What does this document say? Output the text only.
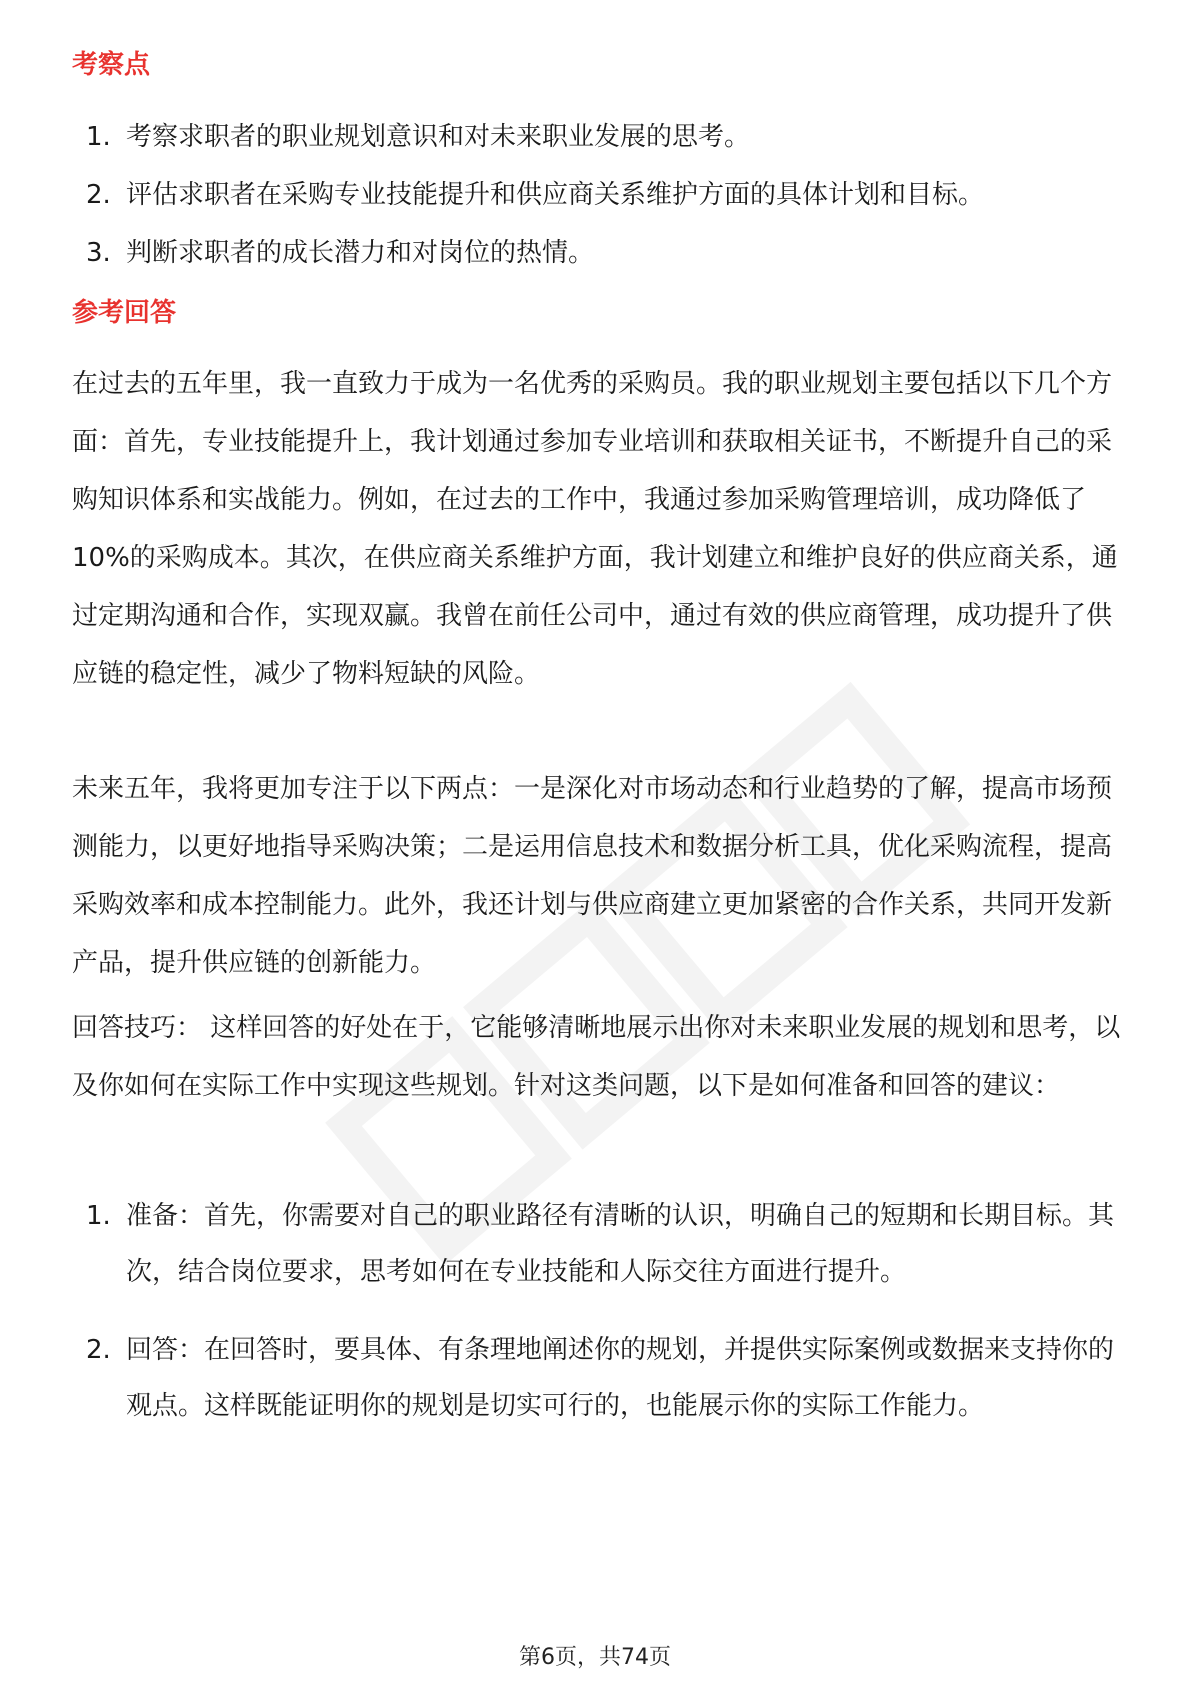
考察点
1. 考察求职者的职业规划意识和对未来职业发展的思考。
2. 评估求职者在采购专业技能提升和供应商关系维护方面的具体计划和目标。
3. 判断求职者的成长潜力和对岗位的热情。
参考回答

在过去的五年里，我一直致力于成为一名优秀的采购员。我的职业规划主要包括以下几个方面：首先，专业技能提升上，我计划通过参加专业培训和获取相关证书，不断提升自己的采购知识体系和实战能力。例如，在过去的工作中，我通过参加采购管理培训，成功降低了10%的采购成本。其次，在供应商关系维护方面，我计划建立和维护良好的供应商关系，通过定期沟通和合作，实现双赢。我曾在前任公司中，通过有效的供应商管理，成功提升了供应链的稳定性，减少了物料短缺的风险。

未来五年，我将更加专注于以下两点：一是深化对市场动态和行业趋势的了解，提高市场预测能力，以更好地指导采购决策；二是运用信息技术和数据分析工具，优化采购流程，提高采购效率和成本控制能力。此外，我还计划与供应商建立更加紧密的合作关系，共同开发新产品，提升供应链的创新能力。

回答技巧： 这样回答的好处在于，它能够清晰地展示出你对未来职业发展的规划和思考，以及你如何在实际工作中实现这些规划。针对这类问题，以下是如何准备和回答的建议：

1. 准备：首先，你需要对自己的职业路径有清晰的认识，明确自己的短期和长期目标。其次，结合岗位要求，思考如何在专业技能和人际交往方面进行提升。
2. 回答：在回答时，要具体、有条理地阐述你的规划，并提供实际案例或数据来支持你的观点。这样既能证明你的规划是切实可行的，也能展示你的实际工作能力。
第6页，共74页
